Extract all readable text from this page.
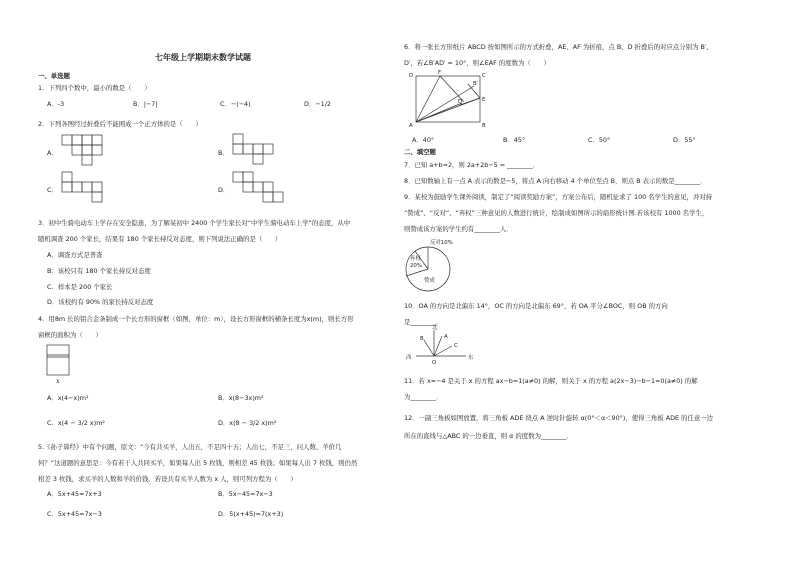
七年级上学期期末数学试题
一、单选题
1．下列四个数中，最小的数是（　　）
A．-3	B．|−7|	C．−(−4)	D．−1/2
2．下列各图经过折叠后不能围成一个正方体的是（　　）
A．	B．
C．	D．
3．初中生骑电动车上学存在安全隐患，为了解某初中 2400 个学生家长对“中学生骑电动车上学”的态度，从中
随机调查 200 个家长，结果有 180 个家长持反对态度，则下列说法正确的是（　　）
A．调查方式是普查
B．该校只有 180 个家长持反对态度
C．样本是 200 个家长
D．该校约有 90% 的家长持反对态度
4．用8m 长的铝合金条制成一个长方形的窗框（如图，单位：m），设长方形窗框的横条长度为x(m)，则长方形
窗框的面积为（　　）
x
A．x(4−x)m²	B．x(8−3x)m²
C．x(4 − 3/2 x)m²	D．x(8 − 3/2 x)m²
5.《孙子算经》中有个问题，原文：“今有共买羊，人出五，不足四十五；人出七，不足三，问人数、羊价几
何？”这道题的意思是：今有若干人共同买羊，如果每人出 5 枚钱，则相差 45 枚钱；如果每人出 7 枚钱，则仍然
相差 3 枚钱，求买羊的人数和羊的价钱．若设共有买羊人数为 x 人，则可列方程为（　　）
A．5x+45=7x+3	B．5x−45=7x−3
C．5x+45=7x−3	D．5(x+45)=7(x+3)
6．将一张长方形纸片 ABCD 按如图所示的方式折叠，AE、AF 为折痕，点 B、D 折叠后的对应点分别为 B′、
D′，若∠B′AD′ = 10°，则∠EAF 的度数为（　　）
A	B
C
D
E
F
B′
D′
A．40°	B．45°	C．50°	D．55°
二、填空题
7．已知 a+b=2，则 2a+2b−5 = ________．
8．已知数轴上有一点 A 表示的数是−5，将点 A 向右移动 4 个单位至点 B，则点 B 表示的数是________．
9．某校为鼓励学生课外阅读，制定了“阅读奖励方案”，方案公布后，随机征求了 100 名学生的意见，并对持
“赞成”、“反对”、“弃权”三种意见的人数进行统计，绘制成如图所示的扇形统计图.若该校有 1000 名学生，
则赞成该方案的学生约有________人．
反对10%
弃权
20%
赞成
10．OA 的方向是北偏东 14°，OC 的方向是北偏东 69°，若 OA 平分∠BOC，则 OB 的方向
是________．
北
西	东
O
A
B
C
11．若 x=−4 是关于 x 的方程 ax−b=1(a≠0) 的解，则关于 x 的方程 a(2x−3)−b−1=0(a≠0) 的解
为________．
12．一副三角板如图放置，将三角板 ADE 绕点 A 逆时针旋转 α(0°＜α＜90°)，使得三角板 ADE 的任意一边
所在的直线与△ABC 的一边垂直，则 α 的度数为________．
